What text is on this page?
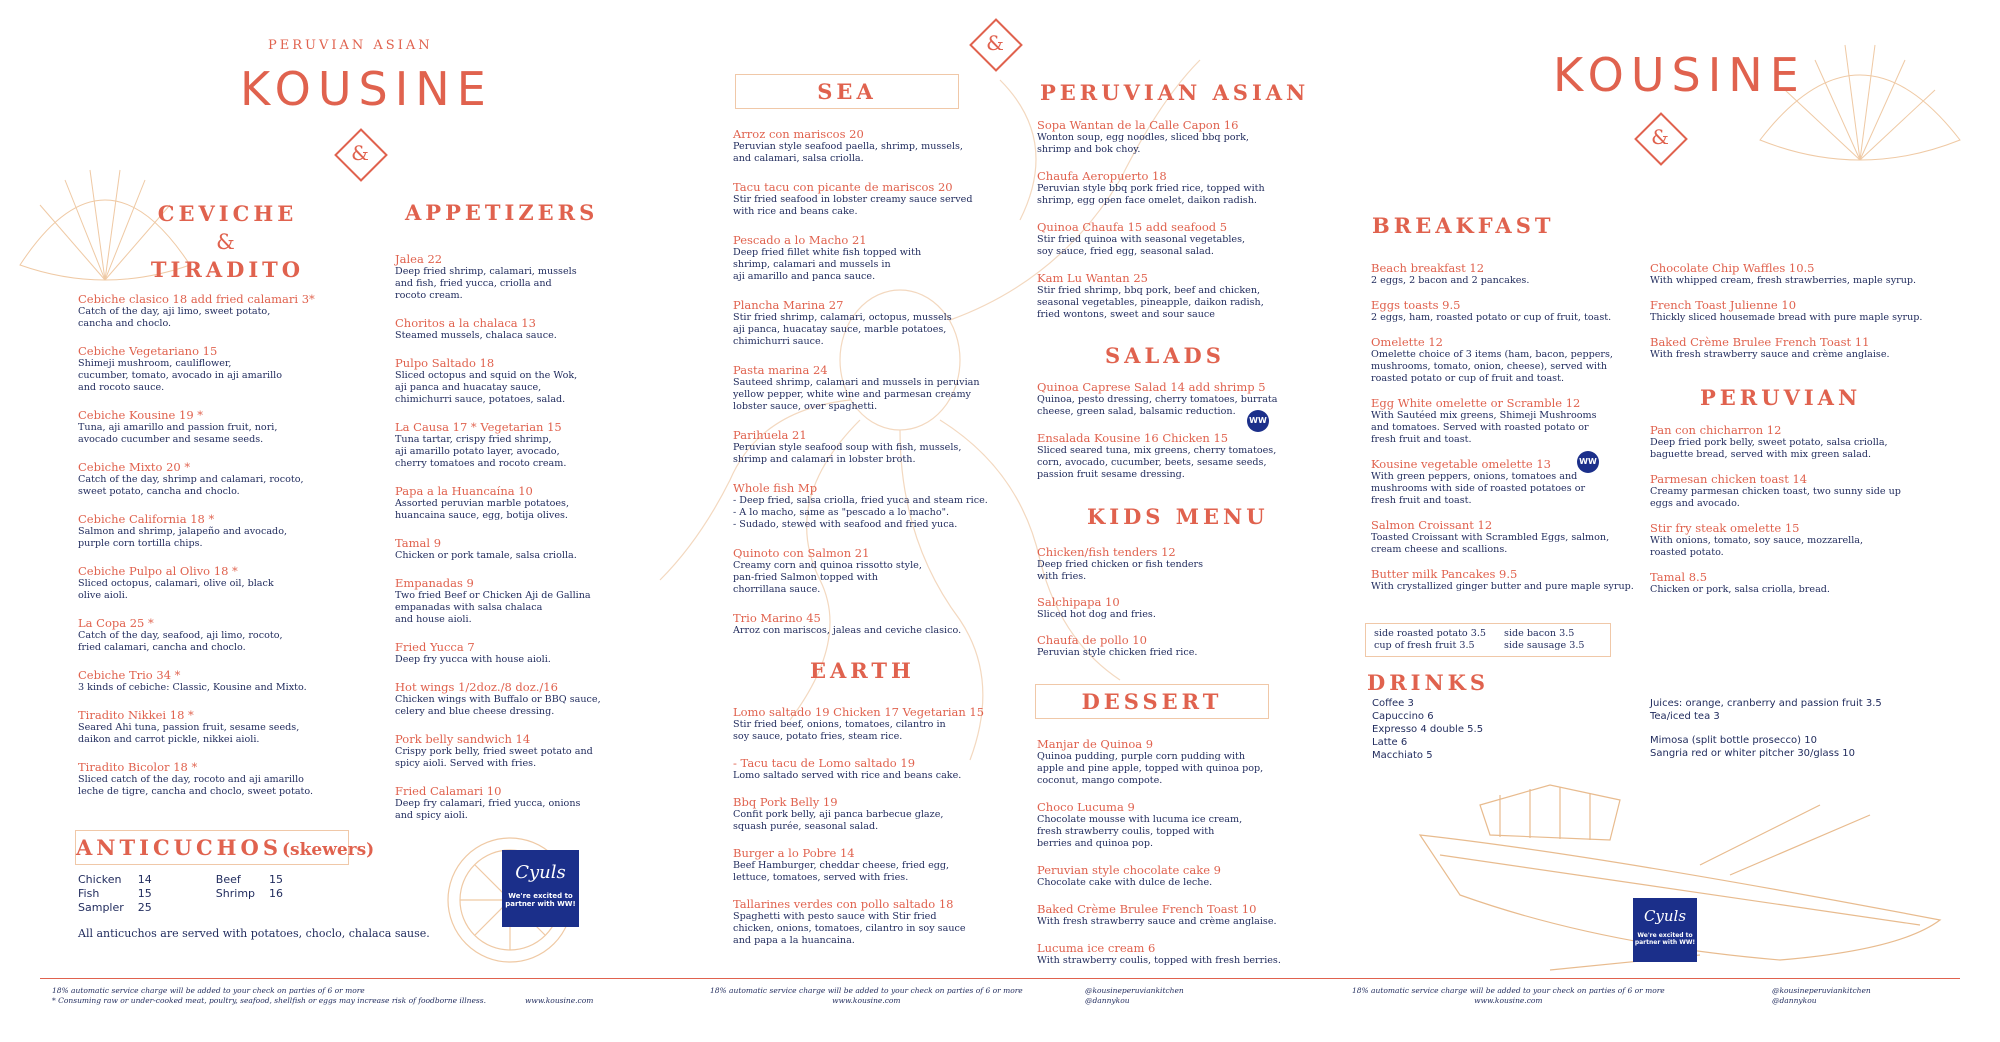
PERUVIAN ASIAN
KOUSINE
&
CEVICHE
&
TIRADITO
Cebiche clasico 18 add fried calamari 3*
Catch of the day, aji limo, sweet potato,
cancha and choclo.
Cebiche Vegetariano 15
Shimeji mushroom, cauliflower,
cucumber, tomato, avocado in aji amarillo
and rocoto sauce.
Cebiche Kousine 19 *
Tuna, aji amarillo and passion fruit, nori,
avocado cucumber and sesame seeds.
Cebiche Mixto 20 *
Catch of the day, shrimp and calamari, rocoto,
sweet potato, cancha and choclo.
Cebiche California 18 *
Salmon and shrimp, jalapeño and avocado,
purple corn tortilla chips.
Cebiche Pulpo al Olivo 18 *
Sliced octopus, calamari, olive oil, black
olive aioli.
La Copa 25 *
Catch of the day, seafood, aji limo, rocoto,
fried calamari, cancha and choclo.
Cebiche Trio 34 *
3 kinds of cebiche: Classic, Kousine and Mixto.
Tiradito Nikkei 18 *
Seared Ahi tuna, passion fruit, sesame seeds,
daikon and carrot pickle, nikkei aioli.
Tiradito Bicolor 18 *
Sliced catch of the day, rocoto and aji amarillo
leche de tigre, cancha and choclo, sweet potato.
ANTICUCHOS(skewers)
Chicken	14	Beef	15
Fish	15	Shrimp	16
Sampler	25		
All anticuchos are served with potatoes, choclo, chalaca sause.
APPETIZERS
Jalea 22
Deep fried shrimp, calamari, mussels
and fish, fried yucca, criolla and
rocoto cream.
Choritos a la chalaca 13
Steamed mussels, chalaca sauce.
Pulpo Saltado 18
Sliced octopus and squid on the Wok,
aji panca and huacatay sauce,
chimichurri sauce, potatoes, salad.
La Causa 17 * Vegetarian 15
Tuna tartar, crispy fried shrimp,
aji amarillo potato layer, avocado,
cherry tomatoes and rocoto cream.
Papa a la Huancaína 10
Assorted peruvian marble potatoes,
huancaina sauce, egg, botija olives.
Tamal 9
Chicken or pork tamale, salsa criolla.
Empanadas 9
Two fried Beef or Chicken Aji de Gallina
empanadas with salsa chalaca
and house aioli.
Fried Yucca 7
Deep fry yucca with house aioli.
Hot wings 1/2doz./8 doz./16
Chicken wings with Buffalo or BBQ sauce,
celery and blue cheese dressing.
Pork belly sandwich 14
Crispy pork belly, fried sweet potato and
spicy aioli. Served with fries.
Fried Calamari 10
Deep fry calamari, fried yucca, onions
and spicy aioli.
Cyuls
We're excited to
partner with WW!
&
SEA
Arroz con mariscos 20
Peruvian style seafood paella, shrimp, mussels,
and calamari, salsa criolla.
Tacu tacu con picante de mariscos 20
Stir fried seafood in lobster creamy sauce served
with rice and beans cake.
Pescado a lo Macho 21
Deep fried fillet white fish topped with
shrimp, calamari and mussels in
aji amarillo and panca sauce.
Plancha Marina 27
Stir fried shrimp, calamari, octopus, mussels
aji panca, huacatay sauce, marble potatoes,
chimichurri sauce.
Pasta marina 24
Sauteed shrimp, calamari and mussels in peruvian
yellow pepper, white wine and parmesan creamy
lobster sauce, over spaghetti.
Parihuela 21
Peruvian style seafood soup with fish, mussels,
shrimp and calamari in lobster broth.
Whole fish Mp
- Deep fried, salsa criolla, fried yuca and steam rice.
- A lo macho, same as "pescado a lo macho".
- Sudado, stewed with seafood and fried yuca.
Quinoto con Salmon 21
Creamy corn and quinoa rissotto style,
pan-fried Salmon topped with
chorrillana sauce.
Trio Marino 45
Arroz con mariscos, jaleas and ceviche clasico.
EARTH
Lomo saltado 19 Chicken 17 Vegetarian 15
Stir fried beef, onions, tomatoes, cilantro in
soy sauce, potato fries, steam rice.
- Tacu tacu de Lomo saltado 19
Lomo saltado served with rice and beans cake.
Bbq Pork Belly 19
Confit pork belly, aji panca barbecue glaze,
squash purée, seasonal salad.
Burger a lo Pobre 14
Beef Hamburger, cheddar cheese, fried egg,
lettuce, tomatoes, served with fries.
Tallarines verdes con pollo saltado 18
Spaghetti with pesto sauce with Stir fried
chicken, onions, tomatoes, cilantro in soy sauce
and papa a la huancaina.
PERUVIAN ASIAN
Sopa Wantan de la Calle Capon 16
Wonton soup, egg noodles, sliced bbq pork,
shrimp and bok choy.
Chaufa Aeropuerto 18
Peruvian style bbq pork fried rice, topped with
shrimp, egg open face omelet, daikon radish.
Quinoa Chaufa 15 add seafood 5
Stir fried quinoa with seasonal vegetables,
soy sauce, fried egg, seasonal salad.
Kam Lu Wantan 25
Stir fried shrimp, bbq pork, beef and chicken,
seasonal vegetables, pineapple, daikon radish,
fried wontons, sweet and sour sauce
SALADS
Quinoa Caprese Salad 14 add shrimp 5
Quinoa, pesto dressing, cherry tomatoes, burrata
cheese, green salad, balsamic reduction.
Ensalada Kousine 16 Chicken 15
Sliced seared tuna, mix greens, cherry tomatoes,
corn, avocado, cucumber, beets, sesame seeds,
passion fruit sesame dressing.
WW
KIDS MENU
Chicken/fish tenders 12
Deep fried chicken or fish tenders
with fries.
Salchipapa 10
Sliced hot dog and fries.
Chaufa de pollo 10
Peruvian style chicken fried rice.
DESSERT
Manjar de Quinoa 9
Quinoa pudding, purple corn pudding with
apple and pine apple, topped with quinoa pop,
coconut, mango compote.
Choco Lucuma 9
Chocolate mousse with lucuma ice cream,
fresh strawberry coulis, topped with
berries and quinoa pop.
Peruvian style chocolate cake 9
Chocolate cake with dulce de leche.
Baked Crème Brulee French Toast 10
With fresh strawberry sauce and crème anglaise.
Lucuma ice cream 6
With strawberry coulis, topped with fresh berries.
KOUSINE
&
BREAKFAST
Beach breakfast 12
2 eggs, 2 bacon and 2 pancakes.
Eggs toasts 9.5
2 eggs, ham, roasted potato or cup of fruit, toast.
Omelette 12
Omelette choice of 3 items (ham, bacon, peppers,
mushrooms, tomato, onion, cheese), served with
roasted potato or cup of fruit and toast.
Egg White omelette or Scramble 12
With Sautéed mix greens, Shimeji Mushrooms
and tomatoes. Served with roasted potato or
fresh fruit and toast.
Kousine vegetable omelette 13
With green peppers, onions, tomatoes and
mushrooms with side of roasted potatoes or
fresh fruit and toast.
Salmon Croissant 12
Toasted Croissant with Scrambled Eggs, salmon,
cream cheese and scallions.
Butter milk Pancakes 9.5
With crystallized ginger butter and pure maple syrup.
Chocolate Chip Waffles 10.5
With whipped cream, fresh strawberries, maple syrup.
French Toast Julienne 10
Thickly sliced housemade bread with pure maple syrup.
Baked Crème Brulee French Toast 11
With fresh strawberry sauce and crème anglaise.
WW
side roasted potato 3.5	side bacon 3.5
cup of fresh fruit 3.5	side sausage 3.5
PERUVIAN
Pan con chicharron 12
Deep fried pork belly, sweet potato, salsa criolla,
baguette bread, served with mix green salad.
Parmesan chicken toast 14
Creamy parmesan chicken toast, two sunny side up
eggs and avocado.
Stir fry steak omelette 15
With onions, tomato, soy sauce, mozzarella,
roasted potato.
Tamal 8.5
Chicken or pork, salsa criolla, bread.
DRINKS
Coffee 3
Capuccino 6
Expresso 4 double 5.5
Latte 6
Macchiato 5
Juices: orange, cranberry and passion fruit 3.5
Tea/iced tea 3
Mimosa (split bottle prosecco) 10
Sangria red or whiter pitcher 30/glass 10
Cyuls
We're excited to
partner with WW!
18% automatic service charge will be added to your check on parties of 6 or more
* Consuming raw or under-cooked meat, poultry, seafood, shellfish or eggs may increase risk of foodborne illness.	www.kousine.com
18% automatic service charge will be added to your check on parties of 6 or more
www.kousine.com
@kousineperuviankitchen
@dannykou
18% automatic service charge will be added to your check on parties of 6 or more
www.kousine.com
@kousineperuviankitchen
@dannykou
